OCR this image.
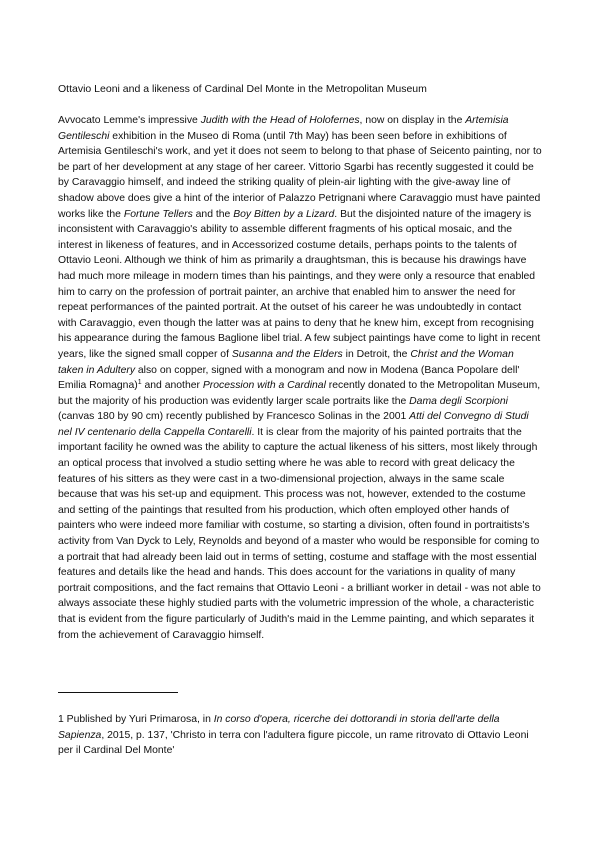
Ottavio Leoni and a likeness of Cardinal Del Monte in the Metropolitan Museum

Avvocato Lemme's impressive Judith with the Head of Holofernes, now on display in the Artemisia Gentileschi exhibition in the Museo di Roma (until 7th May) has been seen before in exhibitions of Artemisia Gentileschi's work, and yet it does not seem to belong to that phase of Seicento painting, nor to be part of her development at any stage of her career. Vittorio Sgarbi has recently suggested it could be by Caravaggio himself, and indeed the striking quality of plein-air lighting with the give-away line of shadow above does give a hint of the interior of Palazzo Petrignani where Caravaggio must have painted works like the Fortune Tellers and the Boy Bitten by a Lizard. But the disjointed nature of the imagery is inconsistent with Caravaggio's ability to assemble different fragments of his optical mosaic, and the interest in likeness of features, and in Accessorized costume details, perhaps points to the talents of Ottavio Leoni. Although we think of him as primarily a draughtsman, this is because his drawings have had much more mileage in modern times than his paintings, and they were only a resource that enabled him to carry on the profession of portrait painter, an archive that enabled him to answer the need for repeat performances of the painted portrait. At the outset of his career he was undoubtedly in contact with Caravaggio, even though the latter was at pains to deny that he knew him, except from recognising his appearance during the famous Baglione libel trial. A few subject paintings have come to light in recent years, like the signed small copper of Susanna and the Elders in Detroit, the Christ and the Woman taken in Adultery also on copper, signed with a monogram and now in Modena (Banca Popolare dell' Emilia Romagna)$^1$ and another Procession with a Cardinal recently donated to the Metropolitan Museum, but the majority of his production was evidently larger scale portraits like the Dama degli Scorpioni (canvas 180 by 90 cm) recently published by Francesco Solinas in the 2001 Atti del Convegno di Studi nel IV centenario della Cappella Contarelli. It is clear from the majority of his painted portraits that the important facility he owned was the ability to capture the actual likeness of his sitters, most likely through an optical process that involved a studio setting where he was able to record with great delicacy the features of his sitters as they were cast in a two-dimensional projection, always in the same scale because that was his set-up and equipment. This process was not, however, extended to the costume and setting of the paintings that resulted from his production, which often employed other hands of painters who were indeed more familiar with costume, so starting a division, often found in portraitists's activity from Van Dyck to Lely, Reynolds and beyond of a master who would be responsible for coming to a portrait that had already been laid out in terms of setting, costume and staffage with the most essential features and details like the head and hands. This does account for the variations in quality of many portrait compositions, and the fact remains that Ottavio Leoni - a brilliant worker in detail - was not able to always associate these highly studied parts with the volumetric impression of the whole, a characteristic that is evident from the figure particularly of Judith's maid in the Lemme painting, and which separates it from the achievement of Caravaggio himself.

1 Published by Yuri Primarosa, in In corso d'opera, ricerche dei dottorandi in storia dell'arte della Sapienza, 2015, p. 137, 'Christo in terra con l'adultera figure piccole, un rame ritrovato di Ottavio Leoni per il Cardinal Del Monte'
